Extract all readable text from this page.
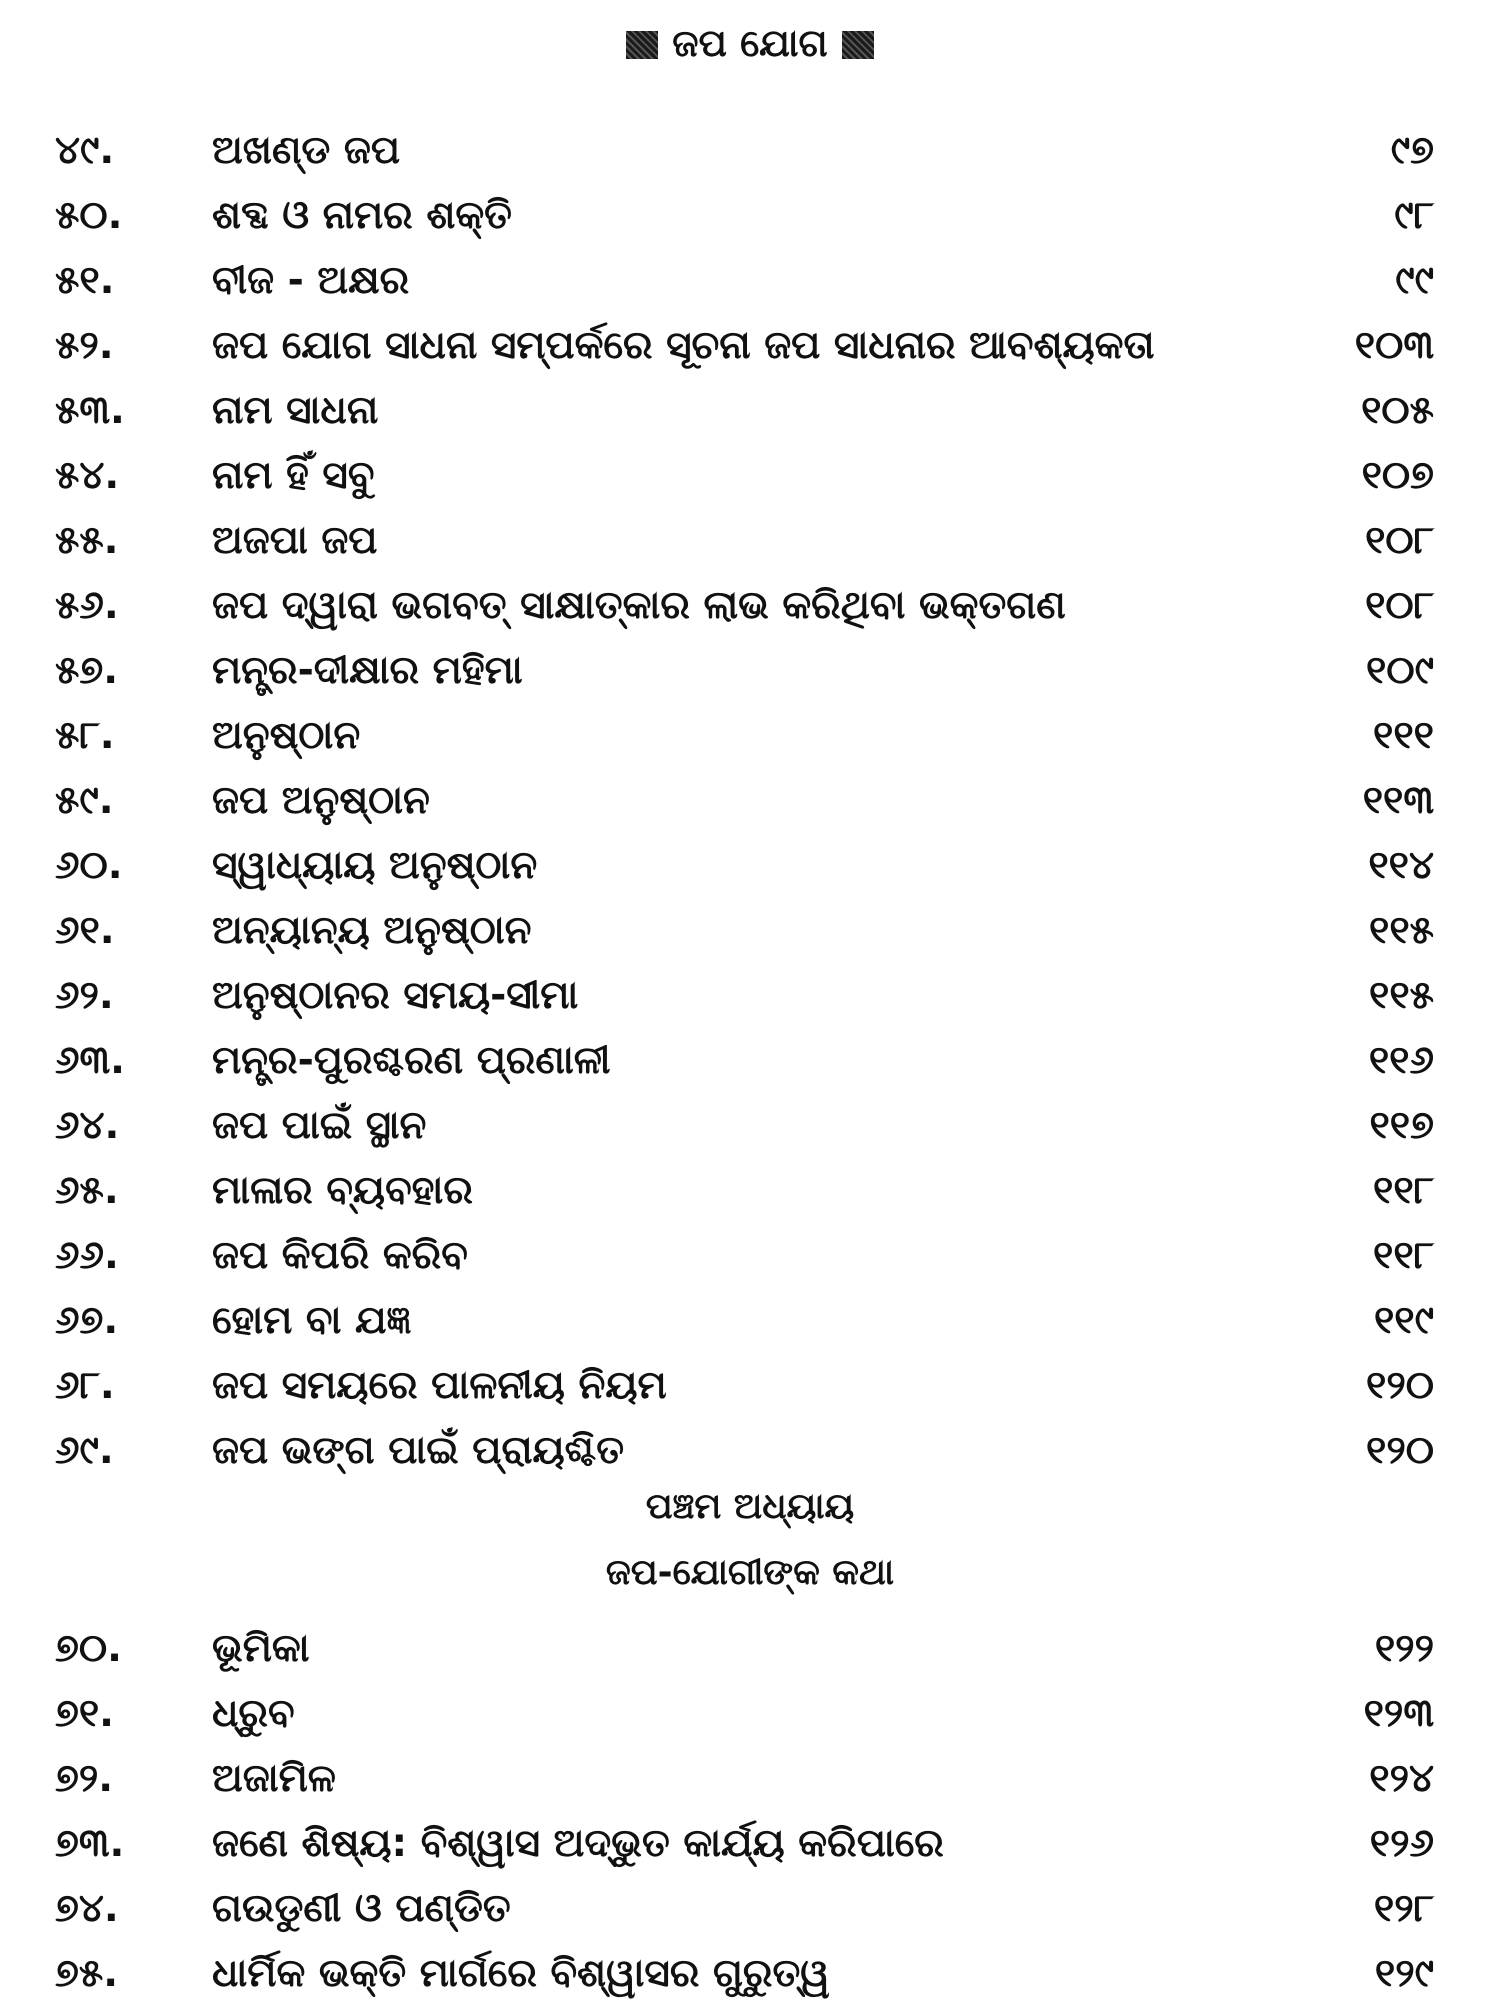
ଜପ ଯୋଗ
୪୯.	ଅଖଣ୍ଡ ଜପ	୯୭
୫୦.	ଶବ୍ଦ ଓ ନାମର ଶକ୍ତି	୯୮
୫୧.	ବୀଜ - ଅକ୍ଷର	୯୯
୫୨.	ଜପ ଯୋଗ ସାଧନା ସମ୍ପର୍କରେ ସୂଚନା ଜପ ସାଧନାର ଆବଶ୍ୟକତା	୧୦୩
୫୩.	ନାମ ସାଧନା	୧୦୫
୫୪.	ନାମ ହିଁ ସବୁ	୧୦୭
୫୫.	ଅଜପା ଜପ	୧୦୮
୫୬.	ଜପ ଦ୍ୱାରା ଭଗବତ୍ ସାକ୍ଷାତ୍କାର ଲାଭ କରିଥିବା ଭକ୍ତଗଣ	୧୦୮
୫୭.	ମନ୍ତ୍ର-ଦୀକ୍ଷାର ମହିମା	୧୦୯
୫୮.	ଅନୁଷ୍ଠାନ	୧୧୧
୫୯.	ଜପ ଅନୁଷ୍ଠାନ	୧୧୩
୬୦.	ସ୍ୱାଧ୍ୟାୟ ଅନୁଷ୍ଠାନ	୧୧୪
୬୧.	ଅନ୍ୟାନ୍ୟ ଅନୁଷ୍ଠାନ	୧୧୫
୬୨.	ଅନୁଷ୍ଠାନର ସମୟ-ସୀମା	୧୧୫
୬୩.	ମନ୍ତ୍ର-ପୁରଶ୍ଚରଣ ପ୍ରଣାଳୀ	୧୧୬
୬୪.	ଜପ ପାଇଁ ସ୍ଥାନ	୧୧୭
୬୫.	ମାଳାର ବ୍ୟବହାର	୧୧୮
୬୬.	ଜପ କିପରି କରିବ	୧୧୮
୬୭.	ହୋମ ବା ଯଜ୍ଞ	୧୧୯
୬୮.	ଜପ ସମୟରେ ପାଳନୀୟ ନିୟମ	୧୨୦
୬୯.	ଜପ ଭଙ୍ଗ ପାଇଁ ପ୍ରାୟଶ୍ଚିତ	୧୨୦
ପଞ୍ଚମ ଅଧ୍ୟାୟ
ଜପ-ଯୋଗୀଙ୍କ କଥା
୭୦.	ଭୂମିକା	୧୨୨
୭୧.	ଧ୍ରୁବ	୧୨୩
୭୨.	ଅଜାମିଳ	୧୨୪
୭୩.	ଜଣେ ଶିଷ୍ୟ: ବିଶ୍ୱାସ ଅଦ୍ଭୁତ କାର୍ଯ୍ୟ କରିପାରେ	୧୨୬
୭୪.	ଗଉଡୁଣୀ ଓ ପଣ୍ଡିତ	୧୨୮
୭୫.	ଧାର୍ମିକ ଭକ୍ତି ମାର୍ଗରେ ବିଶ୍ୱାସର ଗୁରୁତ୍ୱ	୧୨୯
